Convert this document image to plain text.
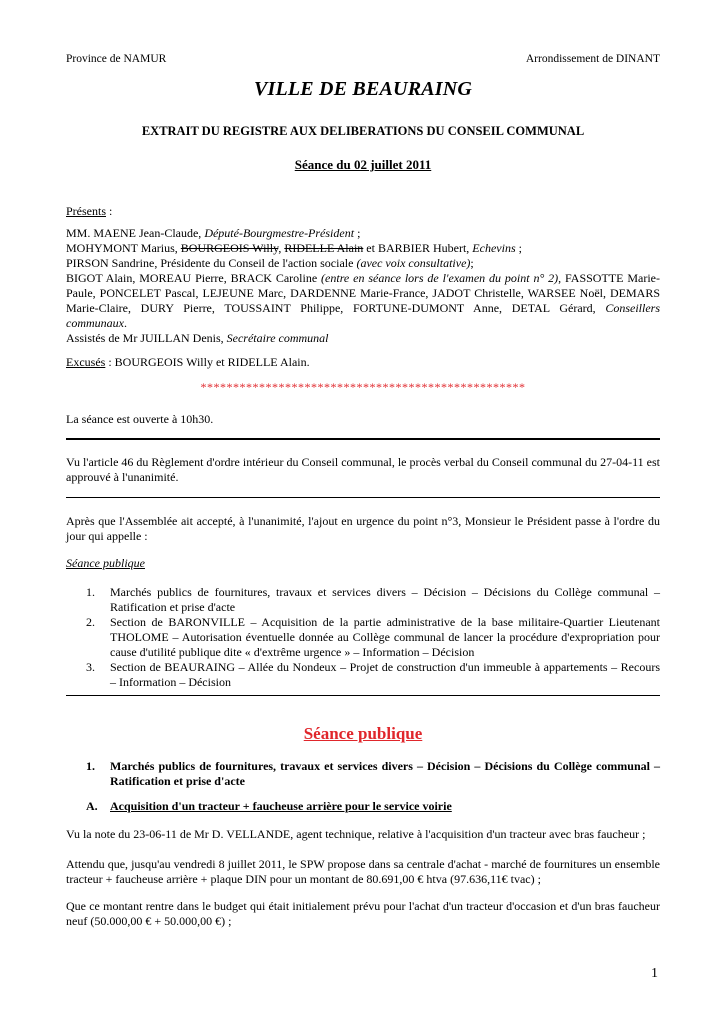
Province de NAMUR	Arrondissement de DINANT
VILLE DE BEAURAING
EXTRAIT DU REGISTRE AUX DELIBERATIONS DU CONSEIL COMMUNAL
Séance du 02 juillet 2011
Présents :
MM. MAENE Jean-Claude, Député-Bourgmestre-Président ;
MOHYMONT Marius, BOURGEOIS Willy, RIDELLE Alain et BARBIER Hubert, Echevins ;
PIRSON Sandrine, Présidente du Conseil de l'action sociale (avec voix consultative);
BIGOT Alain, MOREAU Pierre, BRACK Caroline (entre en séance lors de l'examen du point n° 2), FASSOTTE Marie-Paule, PONCELET Pascal, LEJEUNE Marc, DARDENNE Marie-France, JADOT Christelle, WARSEE Noël, DEMARS Marie-Claire, DURY Pierre, TOUSSAINT Philippe, FORTUNE-DUMONT Anne, DETAL Gérard, Conseillers communaux.
Assistés de Mr JUILLAN Denis, Secrétaire communal
Excusés : BOURGEOIS Willy et RIDELLE Alain.
**************************************************
La séance est ouverte à 10h30.
Vu l'article 46 du Règlement d'ordre intérieur du Conseil communal, le procès verbal du Conseil communal du 27-04-11 est approuvé à l'unanimité.
Après que l'Assemblée ait accepté, à l'unanimité, l'ajout en urgence du point n°3, Monsieur le Président passe à l'ordre du jour qui appelle :
Séance publique
1. Marchés publics de fournitures, travaux et services divers – Décision – Décisions du Collège communal – Ratification et prise d'acte
2. Section de BARONVILLE – Acquisition de la partie administrative de la base militaire-Quartier Lieutenant THOLOME – Autorisation éventuelle donnée au Collège communal de lancer la procédure d'expropriation pour cause d'utilité publique dite « d'extrême urgence » – Information – Décision
3. Section de BEAURAING – Allée du Nondeux – Projet de construction d'un immeuble à appartements – Recours – Information – Décision
Séance publique
1. Marchés publics de fournitures, travaux et services divers – Décision – Décisions du Collège communal – Ratification et prise d'acte
A. Acquisition d'un tracteur + faucheuse arrière pour le service voirie
Vu la note du 23-06-11 de Mr D. VELLANDE, agent technique, relative à l'acquisition d'un tracteur avec bras faucheur ;
Attendu que, jusqu'au vendredi 8 juillet 2011, le SPW propose dans sa centrale d'achat - marché de fournitures un ensemble tracteur + faucheuse arrière + plaque DIN pour un montant de 80.691,00 € htva (97.636,11€ tvac) ;
Que ce montant rentre dans le budget qui était initialement prévu pour l'achat d'un tracteur d'occasion et d'un bras faucheur neuf (50.000,00 € + 50.000,00 €) ;
1
